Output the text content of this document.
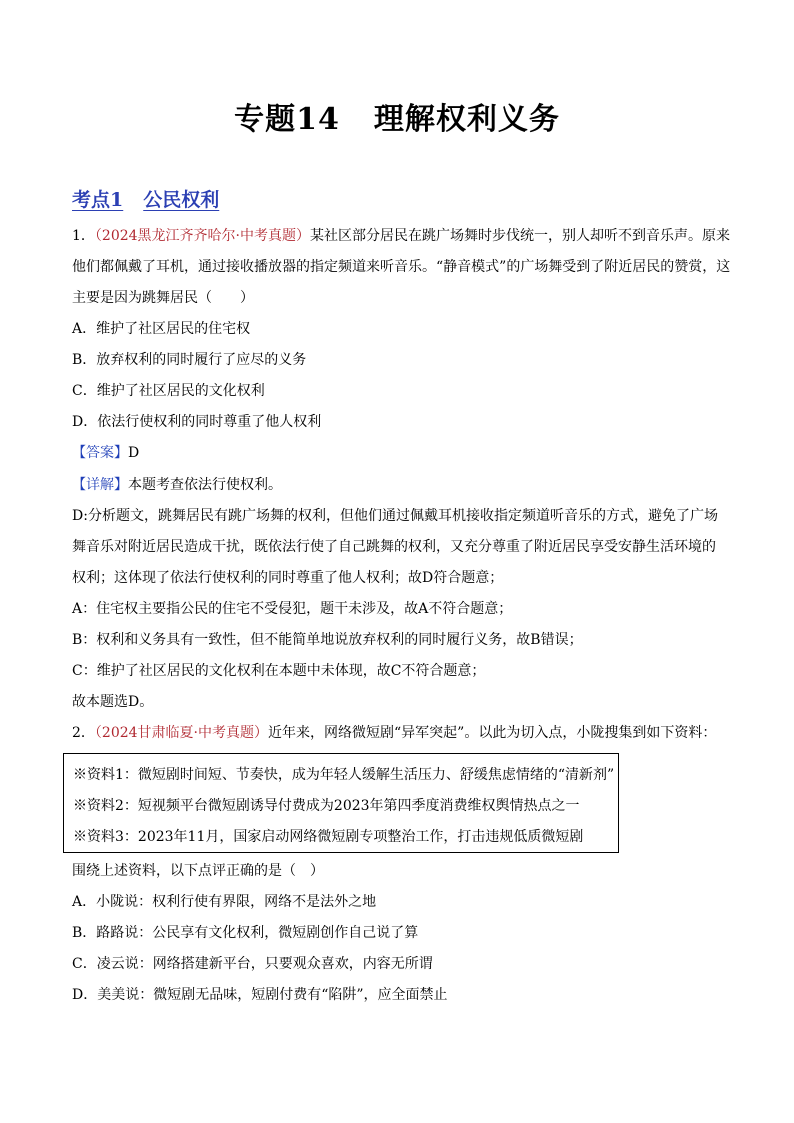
专题14 理解权利义务
考点1 公民权利
1．（2024黑龙江齐齐哈尔·中考真题）某社区部分居民在跳广场舞时步伐统一，别人却听不到音乐声。原来
他们都佩戴了耳机，通过接收播放器的指定频道来听音乐。“静音模式”的广场舞受到了附近居民的赞赏，这
主要是因为跳舞居民（　　）
A．维护了社区居民的住宅权
B．放弃权利的同时履行了应尽的义务
C．维护了社区居民的文化权利
D．依法行使权利的同时尊重了他人权利
【答案】D
【详解】本题考查依法行使权利。
D:分析题文，跳舞居民有跳广场舞的权利，但他们通过佩戴耳机接收指定频道听音乐的方式，避免了广场
舞音乐对附近居民造成干扰，既依法行使了自己跳舞的权利，又充分尊重了附近居民享受安静生活环境的
权利；这体现了依法行使权利的同时尊重了他人权利；故D符合题意；
A：住宅权主要指公民的住宅不受侵犯，题干未涉及，故A不符合题意；
B：权利和义务具有一致性，但不能简单地说放弃权利的同时履行义务，故B错误；
C：维护了社区居民的文化权利在本题中未体现，故C不符合题意；
故本题选D。
2．（2024甘肃临夏·中考真题）近年来，网络微短剧“异军突起”。以此为切入点，小陇搜集到如下资料：
※资料1：微短剧时间短、节奏快，成为年轻人缓解生活压力、舒缓焦虑情绪的“清新剂”
※资料2：短视频平台微短剧诱导付费成为2023年第四季度消费维权舆情热点之一
※资料3：2023年11月，国家启动网络微短剧专项整治工作，打击违规低质微短剧
围绕上述资料，以下点评正确的是（　）
A．小陇说：权利行使有界限，网络不是法外之地
B．路路说：公民享有文化权利，微短剧创作自己说了算
C．凌云说：网络搭建新平台，只要观众喜欢，内容无所谓
D．美美说：微短剧无品味，短剧付费有“陷阱”，应全面禁止
